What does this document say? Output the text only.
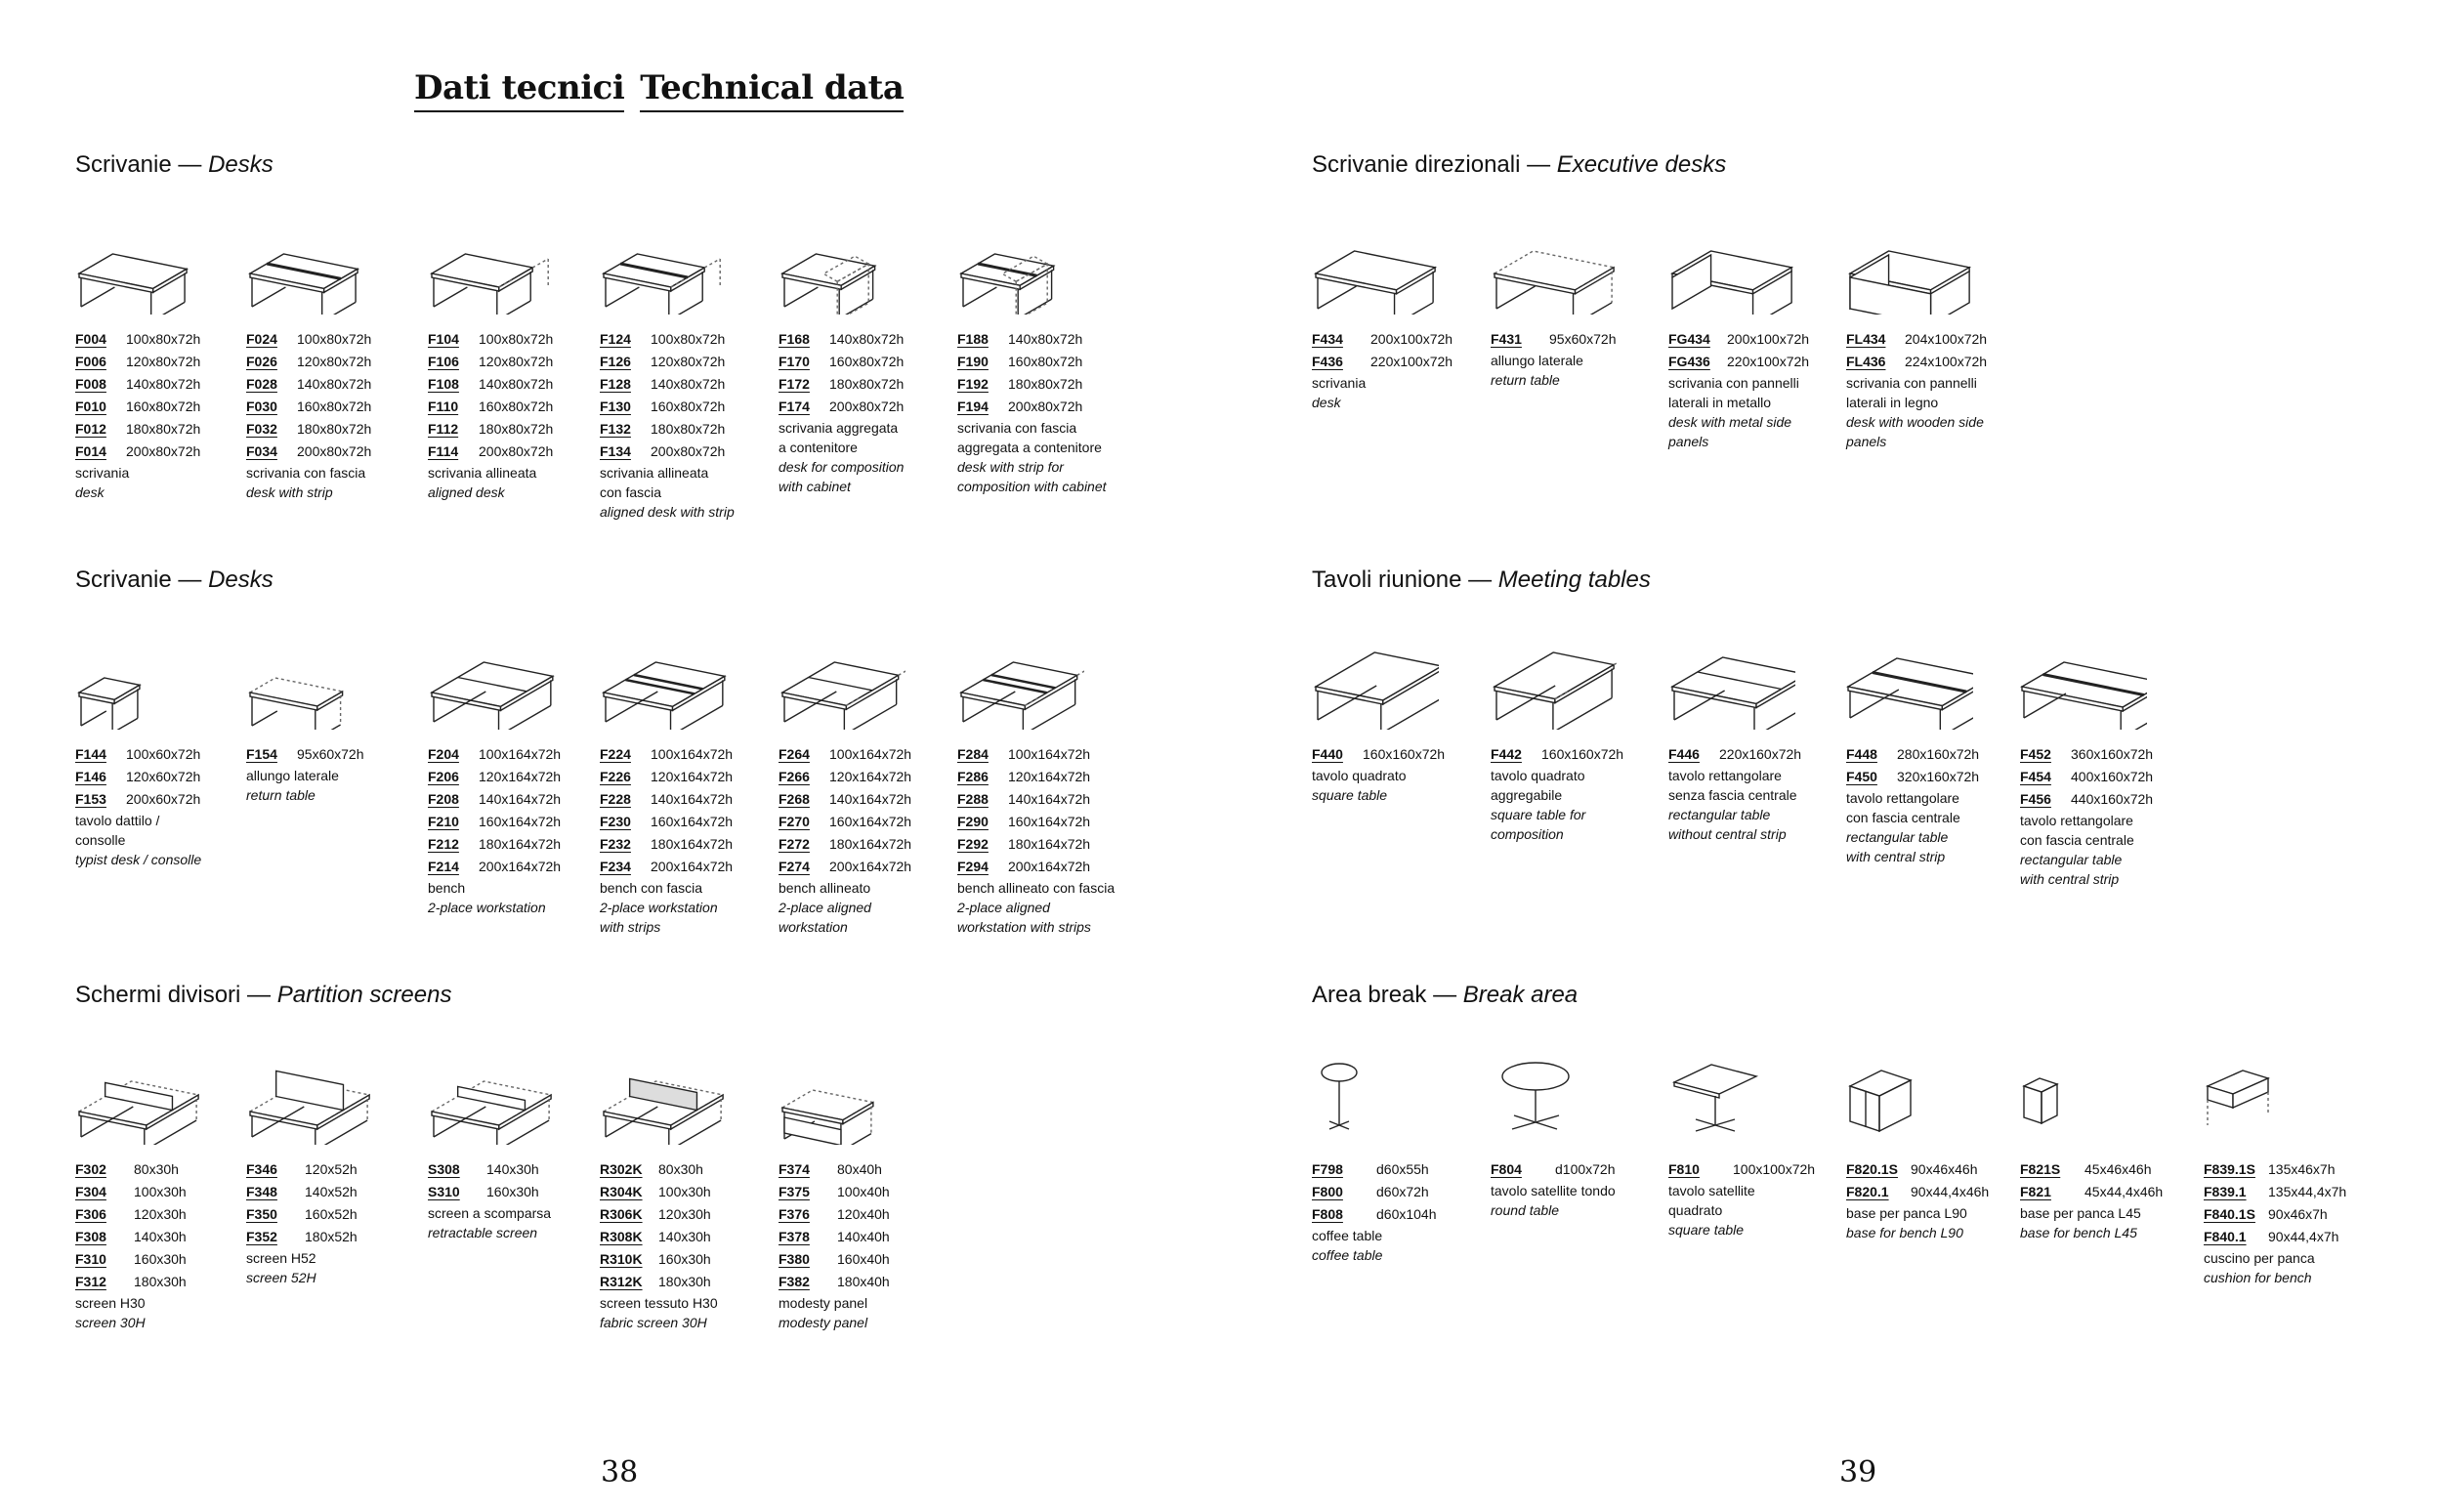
Dati tecnici Technical data
Scrivanie — Desks
Scrivanie — Desks
Schermi divisori — Partition screens
Scrivanie direzionali — Executive desks
Tavoli riunione — Meeting tables
Area break — Break area
F004 100x80x72h
F006 120x80x72h
F008 140x80x72h
F010 160x80x72h
F012 180x80x72h
F014 200x80x72h
scrivania
desk
F024 100x80x72h
F026 120x80x72h
F028 140x80x72h
F030 160x80x72h
F032 180x80x72h
F034 200x80x72h
scrivania con fascia
desk with strip
F104 100x80x72h
F106 120x80x72h
F108 140x80x72h
F110 160x80x72h
F112 180x80x72h
F114 200x80x72h
scrivania allineata
aligned desk
F124 100x80x72h
F126 120x80x72h
F128 140x80x72h
F130 160x80x72h
F132 180x80x72h
F134 200x80x72h
scrivania allineata
con fascia
aligned desk with strip
F168 140x80x72h
F170 160x80x72h
F172 180x80x72h
F174 200x80x72h
scrivania aggregata
a contenitore
desk for composition
with cabinet
F188 140x80x72h
F190 160x80x72h
F192 180x80x72h
F194 200x80x72h
scrivania con fascia
aggregata a contenitore
desk with strip for
composition with cabinet
F144 100x60x72h
F146 120x60x72h
F153 200x60x72h
tavolo dattilo /
consolle
typist desk / consolle
F154 95x60x72h
allungo laterale
return table
F204 100x164x72h
F206 120x164x72h
F208 140x164x72h
F210 160x164x72h
F212 180x164x72h
F214 200x164x72h
bench
2-place workstation
F224 100x164x72h
F226 120x164x72h
F228 140x164x72h
F230 160x164x72h
F232 180x164x72h
F234 200x164x72h
bench con fascia
2-place workstation
with strips
F264 100x164x72h
F266 120x164x72h
F268 140x164x72h
F270 160x164x72h
F272 180x164x72h
F274 200x164x72h
bench allineato
2-place aligned
workstation
F284 100x164x72h
F286 120x164x72h
F288 140x164x72h
F290 160x164x72h
F292 180x164x72h
F294 200x164x72h
bench allineato con fascia
2-place aligned
workstation with strips
F302 80x30h
F304 100x30h
F306 120x30h
F308 140x30h
F310 160x30h
F312 180x30h
screen H30
screen 30H
F346 120x52h
F348 140x52h
F350 160x52h
F352 180x52h
screen H52
screen 52H
S308 140x30h
S310 160x30h
screen a scomparsa
retractable screen
R302K 80x30h
R304K 100x30h
R306K 120x30h
R308K 140x30h
R310K 160x30h
R312K 180x30h
screen tessuto H30
fabric screen 30H
F374 80x40h
F375 100x40h
F376 120x40h
F378 140x40h
F380 160x40h
F382 180x40h
modesty panel
modesty panel
F434 200x100x72h
F436 220x100x72h
scrivania
desk
F431 95x60x72h
allungo laterale
return table
FG434 200x100x72h
FG436 220x100x72h
scrivania con pannelli
laterali in metallo
desk with metal side
panels
FL434 204x100x72h
FL436 224x100x72h
scrivania con pannelli
laterali in legno
desk with wooden side
panels
F440 160x160x72h
tavolo quadrato
square table
F442 160x160x72h
tavolo quadrato
aggregabile
square table for
composition
F446 220x160x72h
tavolo rettangolare
senza fascia centrale
rectangular table
without central strip
F448 280x160x72h
F450 320x160x72h
tavolo rettangolare
con fascia centrale
rectangular table
with central strip
F452 360x160x72h
F454 400x160x72h
F456 440x160x72h
tavolo rettangolare
con fascia centrale
rectangular table
with central strip
F798 d60x55h
F800 d60x72h
F808 d60x104h
coffee table
coffee table
F804 d100x72h
tavolo satellite tondo
round table
F810 100x100x72h
tavolo satellite
quadrato
square table
F820.1S 90x46x46h
F820.1 90x44,4x46h
base per panca L90
base for bench L90
F821S 45x46x46h
F821 45x44,4x46h
base per panca L45
base for bench L45
F839.1S 135x46x7h
F839.1 135x44,4x7h
F840.1S 90x46x7h
F840.1 90x44,4x7h
cuscino per panca
cushion for bench
38	39
